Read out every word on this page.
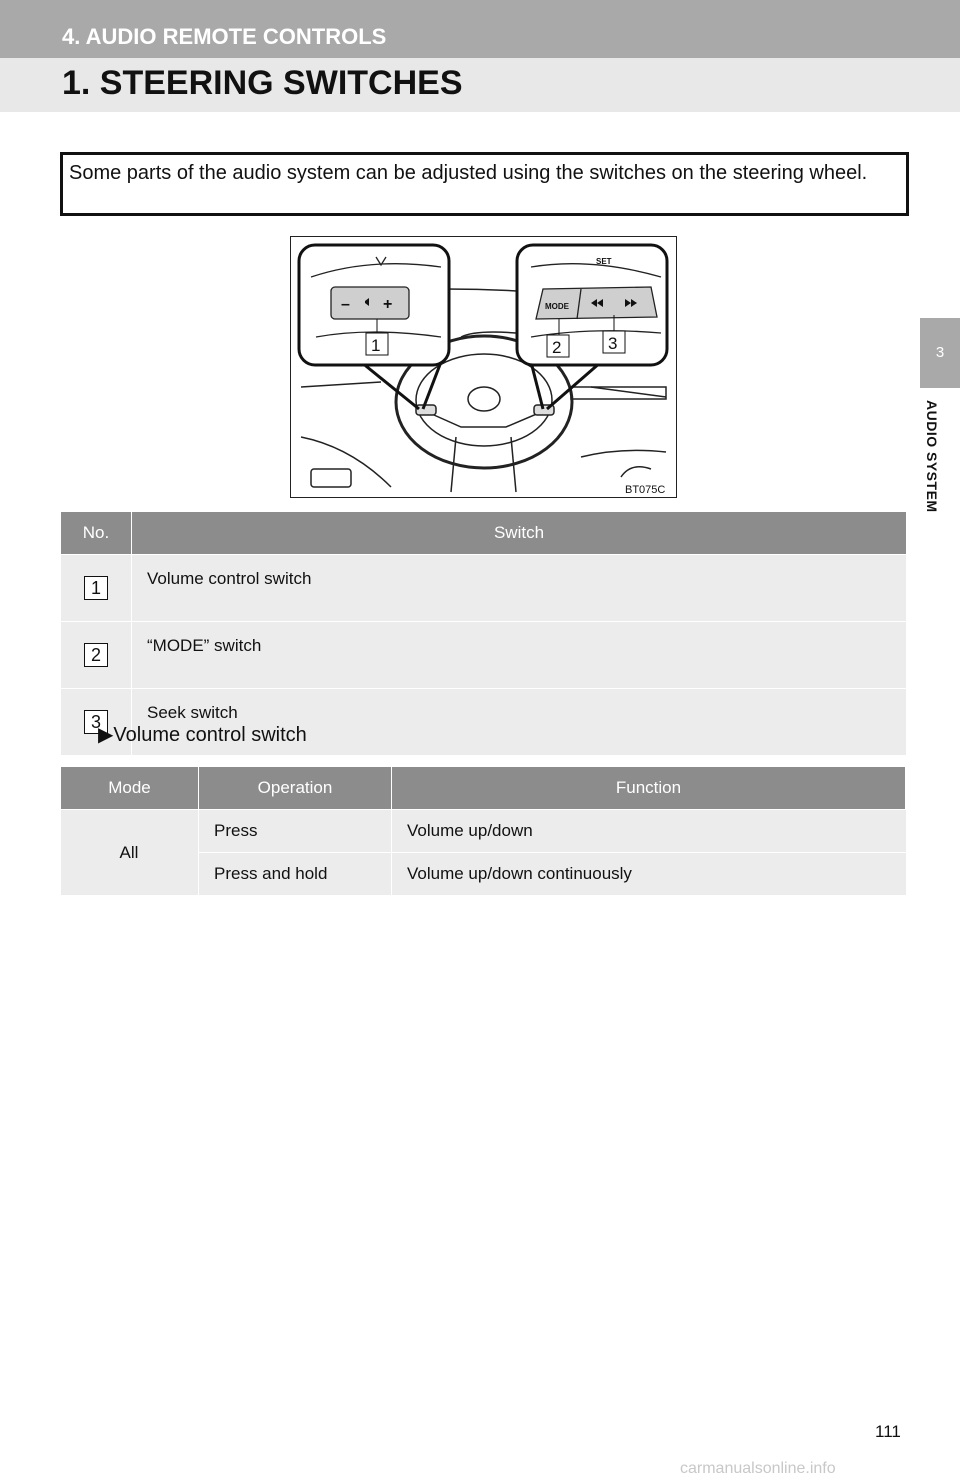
4. AUDIO REMOTE CONTROLS
1. STEERING SWITCHES
3
AUDIO SYSTEM
Some parts of the audio system can be adjusted using the switches on the steering wheel.
– +
1
SET
MODE
2	3
BT075C
No.	Switch
1	Volume control switch
2	“MODE” switch
3	Seek switch
▶Volume control switch
Mode	Operation	Function
All	Press	Volume up/down
	Press and hold	Volume up/down continuously
111
carmanualsonline.info
